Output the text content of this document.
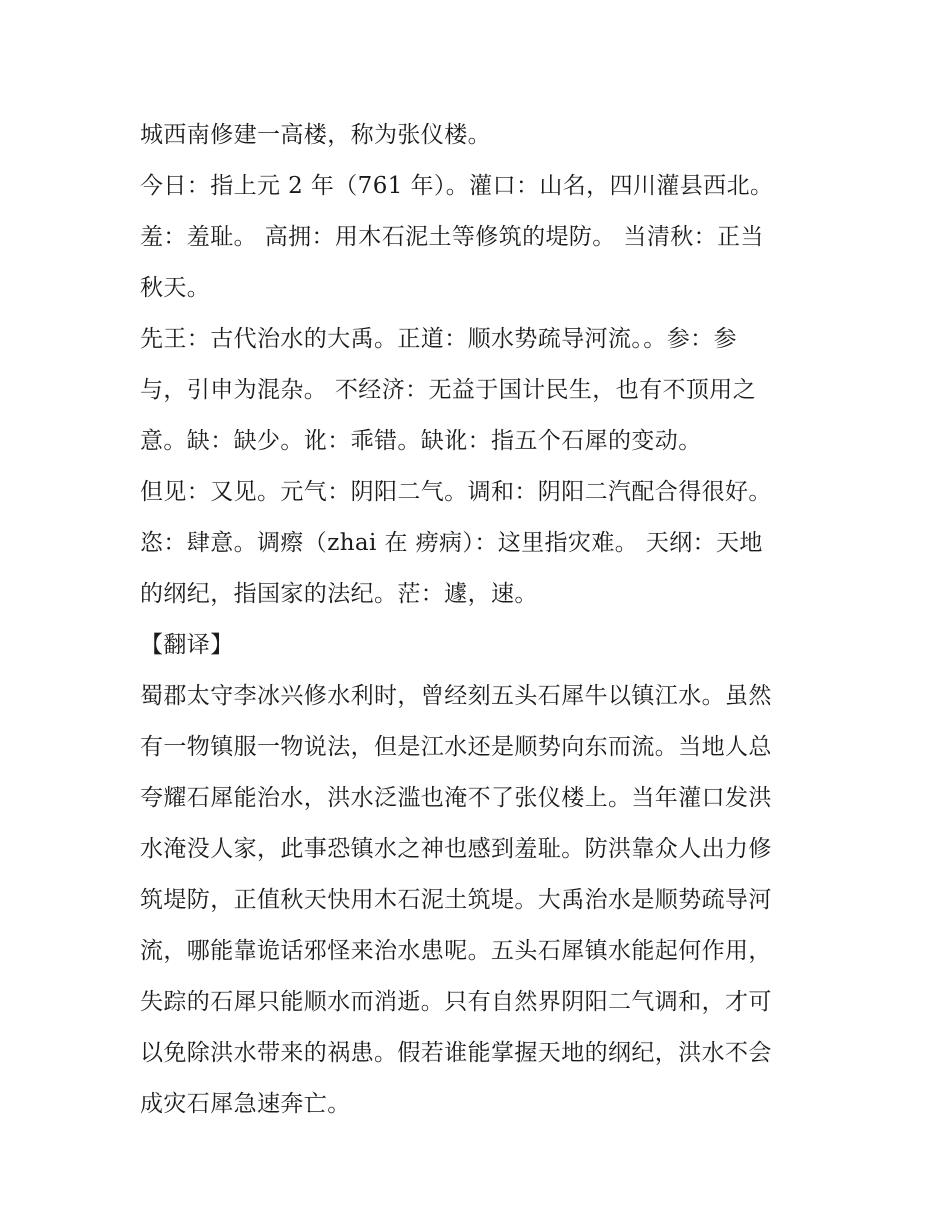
城西南修建一高楼，称为张仪楼。
今日：指上元 2 年（761 年）。灌口：山名，四川灌县西北。
羞：羞耻。 高拥：用木石泥土等修筑的堤防。 当清秋：正当
秋天。
先王：古代治水的大禹。正道：顺水势疏导河流。。参：参
与，引申为混杂。 不经济：无益于国计民生，也有不顶用之
意。缺：缺少。讹：乖错。缺讹：指五个石犀的变动。
但见：又见。元气：阴阳二气。调和：阴阳二汽配合得很好。
恣：肆意。调瘵（zhai 在 痨病）：这里指灾难。 天纲：天地
的纲纪，指国家的法纪。茫：遽，速。
【翻译】
蜀郡太守李冰兴修水利时，曾经刻五头石犀牛以镇江水。虽然
有一物镇服一物说法，但是江水还是顺势向东而流。当地人总
夸耀石犀能治水，洪水泛滥也淹不了张仪楼上。当年灌口发洪
水淹没人家，此事恐镇水之神也感到羞耻。防洪靠众人出力修
筑堤防，正值秋天快用木石泥土筑堤。大禹治水是顺势疏导河
流，哪能靠诡话邪怪来治水患呢。五头石犀镇水能起何作用，
失踪的石犀只能顺水而消逝。只有自然界阴阳二气调和，才可
以免除洪水带来的祸患。假若谁能掌握天地的纲纪，洪水不会
成灾石犀急速奔亡。
